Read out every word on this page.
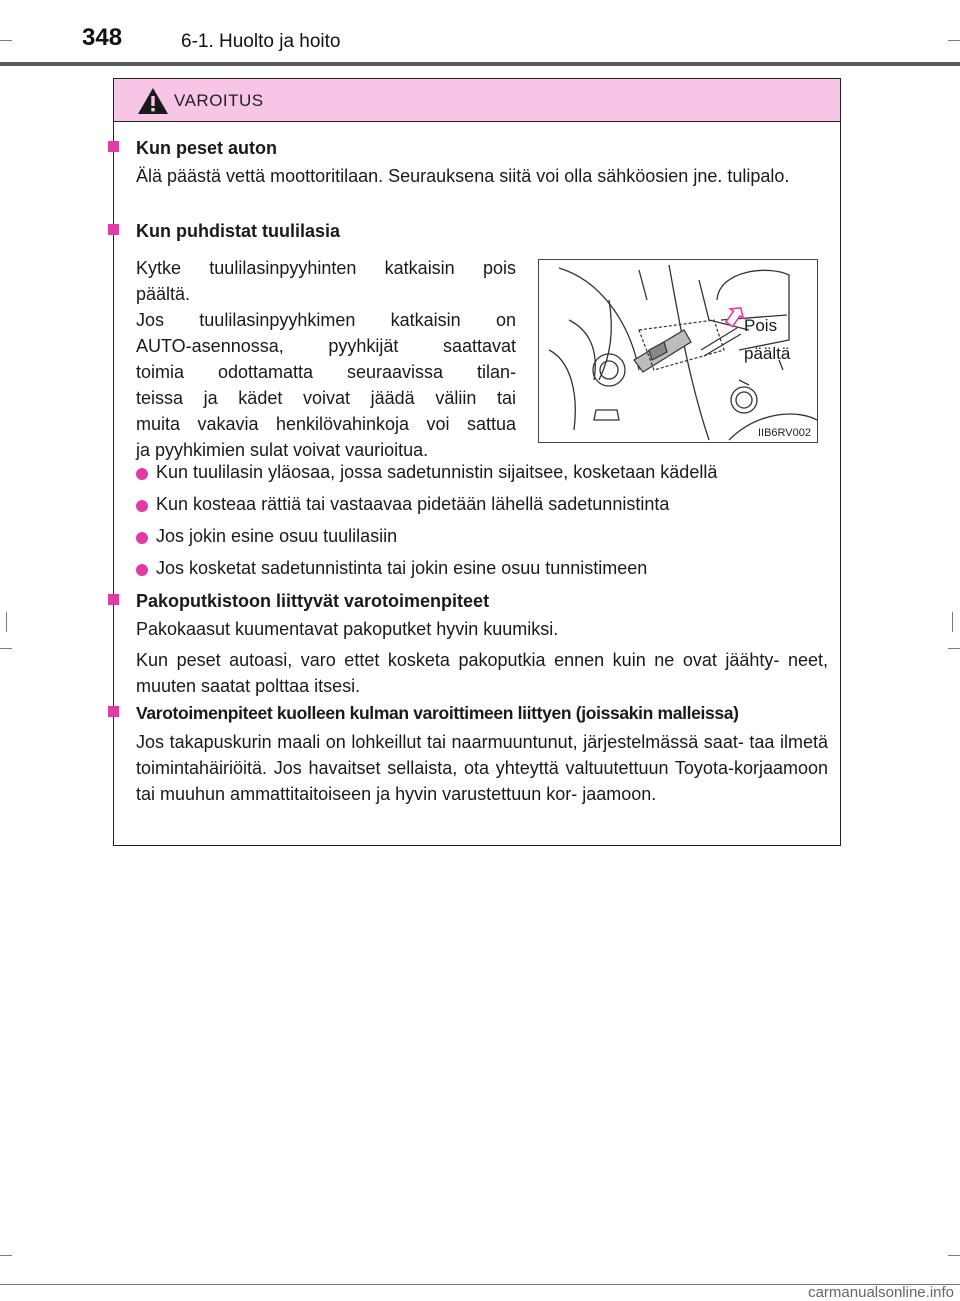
348	6-1. Huolto ja hoito
VAROITUS
Kun peset auton
Älä päästä vettä moottoritilaan. Seurauksena siitä voi olla sähköosien jne. tulipalo.
Kun puhdistat tuulilasia
Kytke tuulilasinpyyhinten katkaisin pois
päältä.
Jos tuulilasinpyyhkimen katkaisin on
AUTO-asennossa, pyyhkijät saattavat
toimia odottamatta seuraavissa tilan-
teissa ja kädet voivat jäädä väliin tai
muita vakavia henkilövahinkoja voi sattua
ja pyyhkimien sulat voivat vaurioitua.
Pois
päältä
IIB6RV002
Kun tuulilasin yläosaa, jossa sadetunnistin sijaitsee, kosketaan kädellä
Kun kosteaa rättiä tai vastaavaa pidetään lähellä sadetunnistinta
Jos jokin esine osuu tuulilasiin
Jos kosketat sadetunnistinta tai jokin esine osuu tunnistimeen
Pakoputkistoon liittyvät varotoimenpiteet
Pakokaasut kuumentavat pakoputket hyvin kuumiksi.
Kun peset autoasi, varo ettet kosketa pakoputkia ennen kuin ne ovat jäähty- neet, muuten saatat polttaa itsesi.
Varotoimenpiteet kuolleen kulman varoittimeen liittyen (joissakin malleissa)
Jos takapuskurin maali on lohkeillut tai naarmuuntunut, järjestelmässä saat- taa ilmetä toimintahäiriöitä. Jos havaitset sellaista, ota yhteyttä valtuutettuun Toyota-korjaamoon tai muuhun ammattitaitoiseen ja hyvin varustettuun kor- jaamoon.
carmanualsonline.info
